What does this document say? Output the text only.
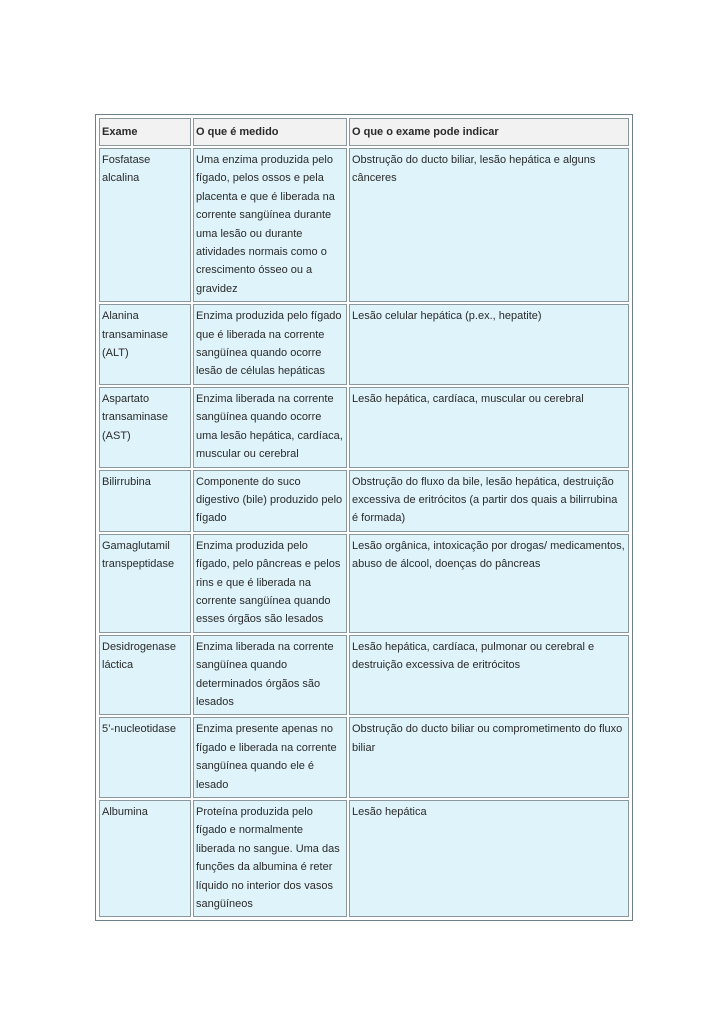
Exame	O que é medido	O que o exame pode indicar
Fosfatase alcalina	Uma enzima produzida pelo fígado, pelos ossos e pela placenta e que é liberada na corrente sangüínea durante uma lesão ou durante atividades normais como o crescimento ósseo ou a gravidez	Obstrução do ducto biliar, lesão hepática e alguns cânceres
Alanina transaminase (ALT)	Enzima produzida pelo fígado que é liberada na corrente sangüínea quando ocorre lesão de células hepáticas	Lesão celular hepática (p.ex., hepatite)
Aspartato transaminase (AST)	Enzima liberada na corrente sangüínea quando ocorre uma lesão hepática, cardíaca, muscular ou cerebral	Lesão hepática, cardíaca, muscular ou cerebral
Bilirrubina	Componente do suco digestivo (bile) produzido pelo fígado	Obstrução do fluxo da bile, lesão hepática, destruição excessiva de eritrócitos (a partir dos quais a bilirrubina é formada)
Gamaglutamil transpeptidase	Enzima produzida pelo fígado, pelo pâncreas e pelos rins e que é liberada na corrente sangüínea quando esses órgãos são lesados	Lesão orgânica, intoxicação por drogas/ medicamentos, abuso de álcool, doenças do pâncreas
Desidrogenase láctica	Enzima liberada na corrente sangüínea quando determinados órgãos são lesados	Lesão hepática, cardíaca, pulmonar ou cerebral e destruição excessiva de eritrócitos
5’-nucleotidase	Enzima presente apenas no fígado e liberada na corrente sangüínea quando ele é lesado	Obstrução do ducto biliar ou comprometimento do fluxo biliar
Albumina	Proteína produzida pelo fígado e normalmente liberada no sangue. Uma das funções da albumina é reter líquido no interior dos vasos sangüíneos	Lesão hepática
